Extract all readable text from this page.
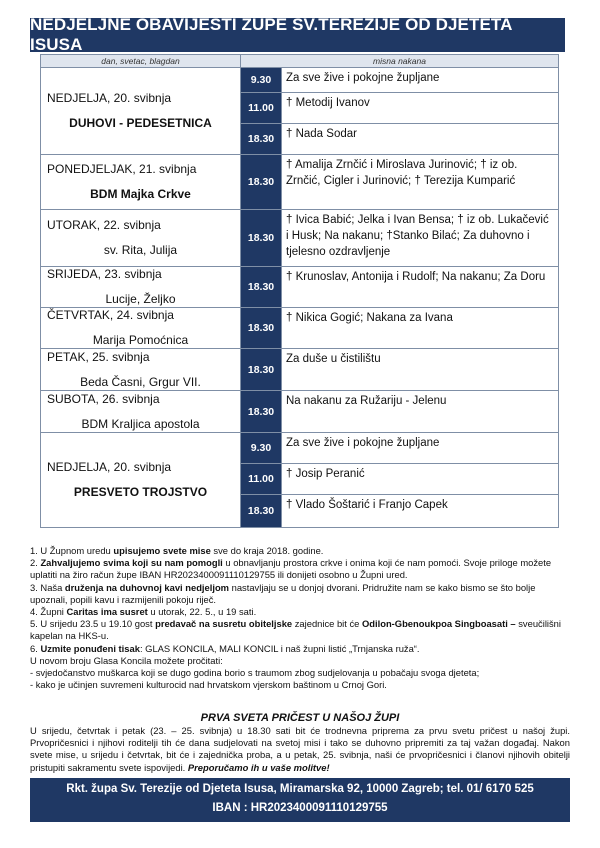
NEDJELJNE OBAVIJESTI ŽUPE SV.TEREZIJE OD DJETETA ISUSA
dan, svetac, blagdan	misna nakana	

NEDJELJA, 20. svibnja
DUHOVI - PEDESETNICA	9.30	Za sve žive i pokojne župljane
	11.00	† Metodij Ivanov
	18.30	† Nada Sodar

PONEDJELJAK, 21. svibnja
BDM Majka Crkve	18.30	† Amalija Zrnčić i Miroslava Jurinović; † iz ob. Zrnčić, Cigler i Jurinović; † Terezija Kumparić

UTORAK, 22. svibnja
sv. Rita, Julija	18.30	† Ivica Babić; Jelka i Ivan Bensa; † iz ob. Lukačević i Husk; Na nakanu; †Stanko Bilać; Za duhovno i tjelesno ozdravljenje

SRIJEDA, 23. svibnja
Lucije, Željko	18.30	† Krunoslav, Antonija i Rudolf; Na nakanu; Za Doru

ČETVRTAK, 24. svibnja
Marija Pomoćnica	18.30	† Nikica Gogić; Nakana za Ivana

PETAK, 25. svibnja
Beda Časni, Grgur VII.	18.30	Za duše u čistilištu

SUBOTA, 26. svibnja
BDM Kraljica apostola	18.30	Na nakanu za Ružariju - Jelenu

NEDJELJA, 20. svibnja
PRESVETO TROJSTVO	9.30	Za sve žive i pokojne župljane
	11.00	† Josip Peranić
	18.30	† Vlado Šoštarić i Franjo Capek

1. U Župnom uredu upisujemo svete mise sve do kraja 2018. godine.

2. Zahvaljujemo svima koji su nam pomogli u obnavljanju prostora crkve i onima koji će nam pomoći. Svoje priloge možete uplatiti na žiro račun župe IBAN HR2023400091110129755 ili donijeti osobno u Župni ured.

3. Naša druženja na duhovnoj kavi nedjeljom nastavljaju se u donjoj dvorani. Pridružite nam se kako bismo se što bolje upoznali, popili kavu i razmijenili pokoju riječ.

4. Župni Caritas ima susret u utorak, 22. 5., u 19 sati.

5. U srijedu 23.5 u 19.10 gost predavač na susretu obiteljske zajednice bit će Odilon-Gbenoukpoa Singboasati – sveučilišni kapelan na HKS-u.

6. Uzmite ponuđeni tisak: GLAS KONCILA, MALI KONCIL i naš župni listić „Trnjanska ruža“.

U novom broju Glasa Koncila možete pročitati:

- svjedočanstvo muškarca koji se dugo godina borio s traumom zbog sudjelovanja u pobačaju svoga djeteta;

- kako je učinjen suvremeni kulturocid nad hrvatskom vjerskom baštinom u Crnoj Gori.

PRVA SVETA PRIČEST U NAŠOJ ŽUPI
U srijedu, četvrtak i petak (23. – 25. svibnja) u 18.30 sati bit će trodnevna priprema za prvu svetu pričest u našoj župi. Prvopričesnici i njihovi roditelji tih će dana sudjelovati na svetoj misi i tako se duhovno pripremiti za taj važan događaj. Nakon svete mise, u srijedu i četvrtak, bit će i zajednička proba, a u petak, 25. svibnja, naši će prvopričesnici i članovi njihovih obitelji pristupiti sakramentu svete ispovijedi. Preporučamo ih u vaše molitve!
Rkt. župa Sv. Terezije od Djeteta Isusa, Miramarska 92, 10000 Zagreb; tel. 01/ 6170 525
IBAN : HR2023400091110129755
